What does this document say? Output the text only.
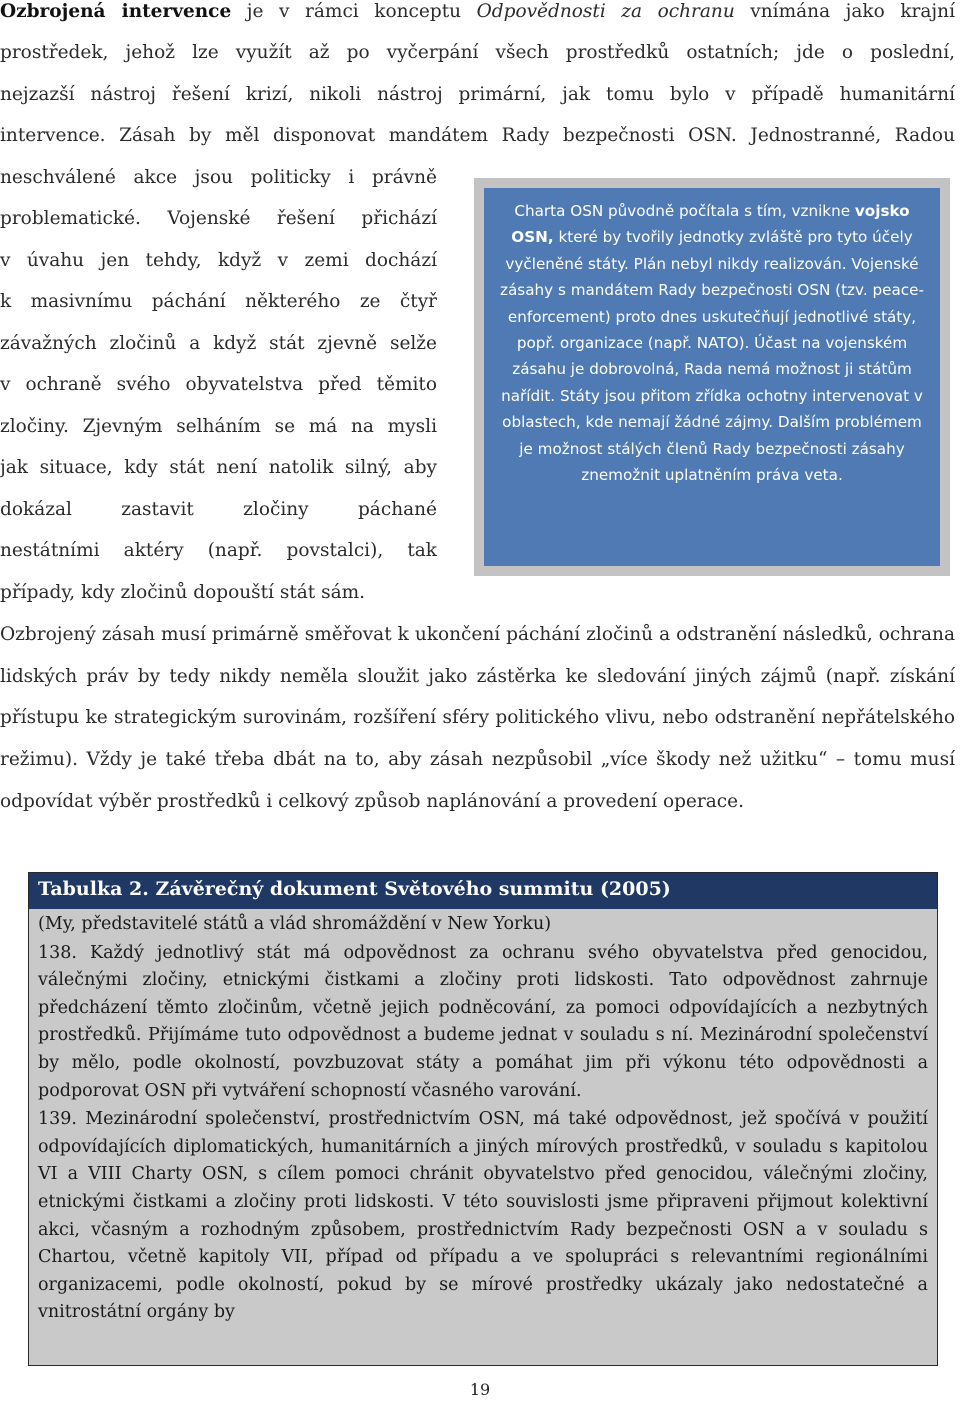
Ozbrojená intervence je v rámci konceptu Odpovědnosti za ochranu vnímána jako krajní
prostředek, jehož lze využít až po vyčerpání všech prostředků ostatních; jde o poslední,
nejzazší nástroj řešení krizí, nikoli nástroj primární, jak tomu bylo v případě humanitární
intervence. Zásah by měl disponovat mandátem Rady bezpečnosti OSN. Jednostranné, Radou
neschválené akce jsou politicky i právně
problematické. Vojenské řešení přichází
v úvahu jen tehdy, když v zemi dochází
k masivnímu páchání některého ze čtyř
závažných zločinů a když stát zjevně selže
v ochraně svého obyvatelstva před těmito
zločiny. Zjevným selháním se má na mysli
jak situace, kdy stát není natolik silný, aby
dokázal zastavit zločiny páchané
nestátními aktéry (např. povstalci), tak
případy, kdy zločinů dopouští stát sám.

Charta OSN původně počítala s tím, vznikne vojsko OSN, které by tvořily jednotky zvláště pro tyto účely vyčleněné státy. Plán nebyl nikdy realizován. Vojenské zásahy s mandátem Rady bezpečnosti OSN (tzv. peace-enforcement) proto dnes uskutečňují jednotlivé státy, popř. organizace (např. NATO). Účast na vojenském zásahu je dobrovolná, Rada nemá možnost ji státům nařídit. Státy jsou přitom zřídka ochotny intervenovat v oblastech, kde nemají žádné zájmy. Dalším problémem je možnost stálých členů Rady bezpečnosti zásahy znemožnit uplatněním práva veta.

Ozbrojený zásah musí primárně směřovat k ukončení páchání zločinů a odstranění následků, ochrana lidských práv by tedy nikdy neměla sloužit jako zástěrka ke sledování jiných zájmů (např. získání přístupu ke strategickým surovinám, rozšíření sféry politického vlivu, nebo odstranění nepřátelského režimu). Vždy je také třeba dbát na to, aby zásah nezpůsobil „více škody než užitku“ – tomu musí odpovídat výběr prostředků i celkový způsob naplánování a provedení operace.

Tabulka 2. Závěrečný dokument Světového summitu (2005)

(My, představitelé států a vlád shromáždění v New Yorku)

138. Každý jednotlivý stát má odpovědnost za ochranu svého obyvatelstva před genocidou, válečnými zločiny, etnickými čistkami a zločiny proti lidskosti. Tato odpovědnost zahrnuje předcházení těmto zločinům, včetně jejich podněcování, za pomoci odpovídajících a nezbytných prostředků. Přijímáme tuto odpovědnost a budeme jednat v souladu s ní. Mezinárodní společenství by mělo, podle okolností, povzbuzovat státy a pomáhat jim při výkonu této odpovědnosti a podporovat OSN při vytváření schopností včasného varování.

139. Mezinárodní společenství, prostřednictvím OSN, má také odpovědnost, jež spočívá v použití odpovídajících diplomatických, humanitárních a jiných mírových prostředků, v souladu s kapitolou VI a VIII Charty OSN, s cílem pomoci chránit obyvatelstvo před genocidou, válečnými zločiny, etnickými čistkami a zločiny proti lidskosti. V této souvislosti jsme připraveni přijmout kolektivní akci, včasným a rozhodným způsobem, prostřednictvím Rady bezpečnosti OSN a v souladu s Chartou, včetně kapitoly VII, případ od případu a ve spolupráci s relevantními regionálními organizacemi, podle okolností, pokud by se mírové prostředky ukázaly jako nedostatečné a vnitrostátní orgány by

19
